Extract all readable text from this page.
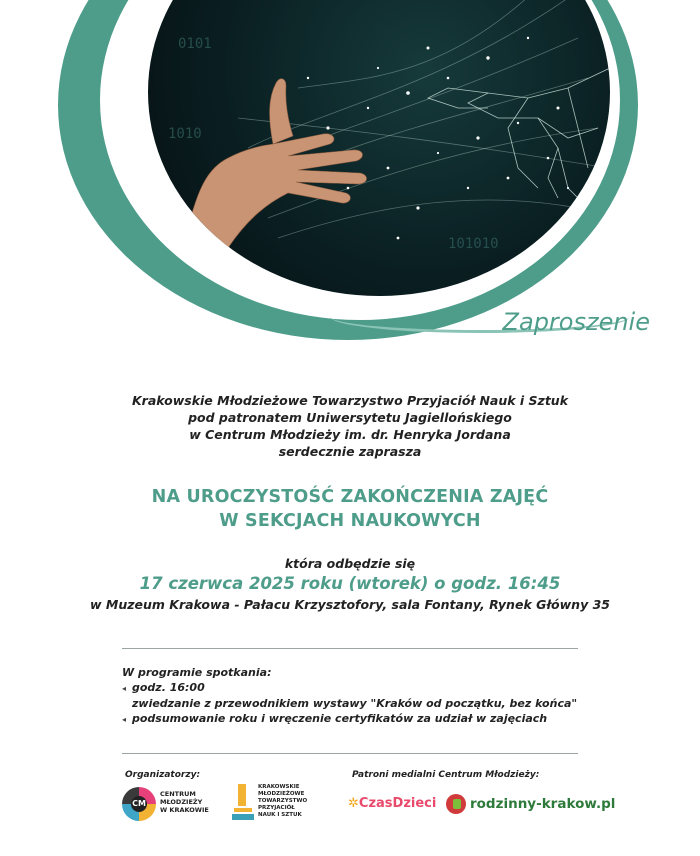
0101
1010
101010
Zaproszenie
Krakowskie Młodzieżowe Towarzystwo Przyjaciół Nauk i Sztuk
pod patronatem Uniwersytetu Jagiellońskiego
w Centrum Młodzieży im. dr. Henryka Jordana
serdecznie zaprasza
NA UROCZYSTOŚĆ ZAKOŃCZENIA ZAJĘĆ
W SEKCJACH NAUKOWYCH
która odbędzie się
17 czerwca 2025 roku (wtorek) o godz. 16:45
w Muzeum Krakowa - Pałacu Krzysztofory, sala Fontany, Rynek Główny 35
W programie spotkania:
◂ godz. 16:00
zwiedzanie z przewodnikiem wystawy "Kraków od początku, bez końca"
◂ podsumowanie roku i wręczenie certyfikatów za udział w zajęciach
Organizatorzy:	Patroni medialni Centrum Młodzieży:
CM
CENTRUM
MŁODZIEŻY
W KRAKOWIE
KRAKOWSKIE
MŁODZIEŻOWE
TOWARZYSTWO
PRZYJACIÓŁ
NAUK I SZTUK
✲CzasDzieci rodzinny-krakow.pl
